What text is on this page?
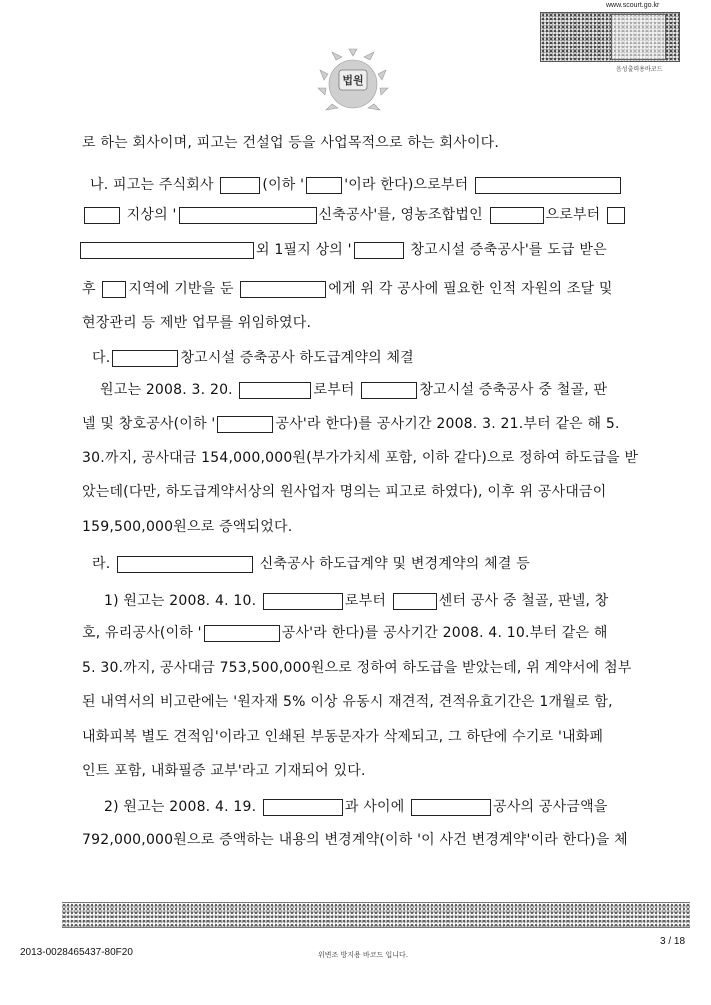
www.scourt.go.kr
음성출력용바코드
법원
로 하는 회사이며, 피고는 건설업 등을 사업목적으로 하는 회사이다.
나. 피고는 주식회사	(이하 '	'이라 한다)으로부터
지상의 '	신축공사'를, 영농조합법인	으로부터
외 1필지 상의 '	창고시설 증축공사'를 도급 받은
후 지역에 기반을 둔	에게 위 각 공사에 필요한 인적 자원의 조달 및
현장관리 등 제반 업무를 위임하였다.
다.	창고시설 증축공사 하도급계약의 체결
원고는 2008. 3. 20.	로부터	창고시설 증축공사 중 철골, 판
넬 및 창호공사(이하 '	공사'라 한다)를 공사기간 2008. 3. 21.부터 같은 해 5.
30.까지, 공사대금 154,000,000원(부가가치세 포함, 이하 같다)으로 정하여 하도급을 받
았는데(다만, 하도급계약서상의 원사업자 명의는 피고로 하였다), 이후 위 공사대금이
159,500,000원으로 증액되었다.
라.	신축공사 하도급계약 및 변경계약의 체결 등
1) 원고는 2008. 4. 10.	로부터	센터 공사 중 철골, 판넬, 창
호, 유리공사(이하 '	공사'라 한다)를 공사기간 2008. 4. 10.부터 같은 해
5. 30.까지, 공사대금 753,500,000원으로 정하여 하도급을 받았는데, 위 계약서에 첨부
된 내역서의 비고란에는 '원자재 5% 이상 유동시 재견적, 견적유효기간은 1개월로 함,
내화피복 별도 견적임'이라고 인쇄된 부동문자가 삭제되고, 그 하단에 수기로 '내화페
인트 포함, 내화필증 교부'라고 기재되어 있다.
2) 원고는 2008. 4. 19.	과 사이에	공사의 공사금액을
792,000,000원으로 증액하는 내용의 변경계약(이하 '이 사건 변경계약'이라 한다)을 체
3 / 18
2013-0028465437-80F20	위변조 방지용 바코드 입니다.
